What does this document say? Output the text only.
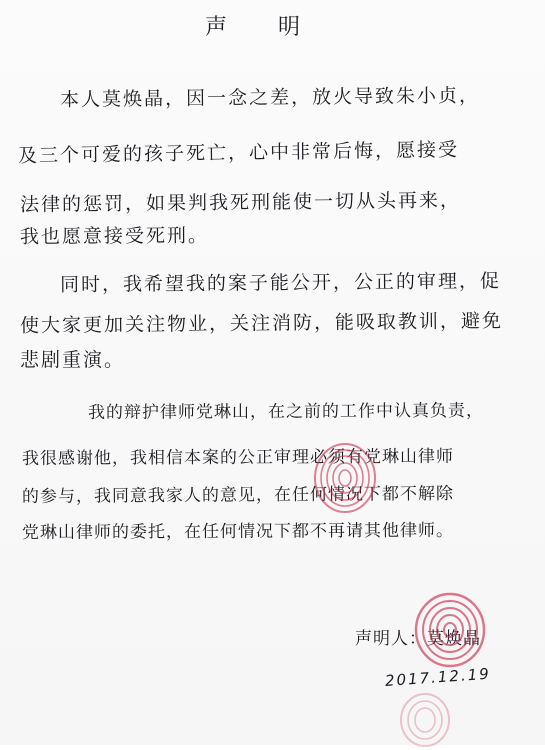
声 明
本人莫焕晶，因一念之差，放火导致朱小贞，
及三个可爱的孩子死亡，心中非常后悔，愿接受
法律的惩罚，如果判我死刑能使一切从头再来，
我也愿意接受死刑。
同时，我希望我的案子能公开，公正的审理，促
使大家更加关注物业，关注消防，能吸取教训，避免
悲剧重演。
我的辩护律师党琳山，在之前的工作中认真负责，
我很感谢他，我相信本案的公正审理必须有党琳山律师
的参与，我同意我家人的意见，在任何情况下都不解除
党琳山律师的委托，在任何情况下都不再请其他律师。
声明人：莫焕晶
2017.12.19
